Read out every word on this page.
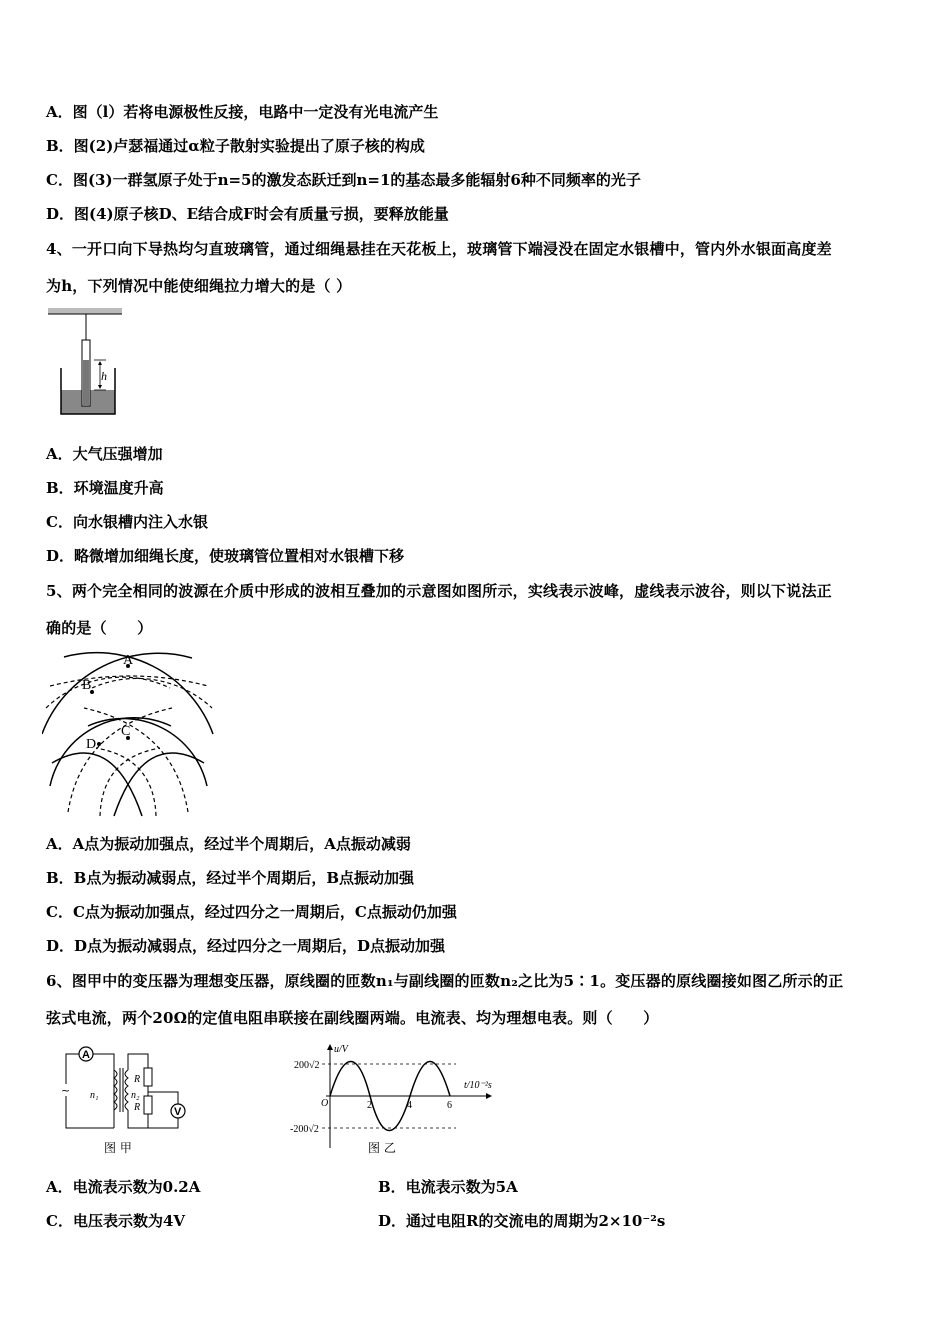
A．图（l）若将电源极性反接，电路中一定没有光电流产生
B．图(2)卢瑟福通过α粒子散射实验提出了原子核的构成
C．图(3)一群氢原子处于n=5的激发态跃迁到n=1的基态最多能辐射6种不同频率的光子
D．图(4)原子核D、E结合成F时会有质量亏损，要释放能量
4、一开口向下导热均匀直玻璃管，通过细绳悬挂在天花板上，玻璃管下端浸没在固定水银槽中，管内外水银面高度差
为h，下列情况中能使细绳拉力增大的是（ ）
h
A．大气压强增加
B．环境温度升高
C．向水银槽内注入水银
D．略微增加细绳长度，使玻璃管位置相对水银槽下移
5、两个完全相同的波源在介质中形成的波相互叠加的示意图如图所示，实线表示波峰，虚线表示波谷，则以下说法正
确的是（　　）
A
B
C
D
A．A点为振动加强点，经过半个周期后，A点振动减弱
B．B点为振动减弱点，经过半个周期后，B点振动加强
C．C点为振动加强点，经过四分之一周期后，C点振动仍加强
D．D点为振动减弱点，经过四分之一周期后，D点振动加强
6、图甲中的变压器为理想变压器，原线圈的匝数n₁与副线圈的匝数n₂之比为5∶1。变压器的原线圈接如图乙所示的正
弦式电流，两个20Ω的定值电阻串联接在副线圈两端。电流表、均为理想电表。则（　　）
A
~ n₁	n₂
R
R	V
图 甲
u/V
t/10⁻²s
200√2
-200√2
O	2	4	6
图 乙
A．电流表示数为0.2A	B．电流表示数为5A
C．电压表示数为4V	D．通过电阻R的交流电的周期为2×10⁻²s
